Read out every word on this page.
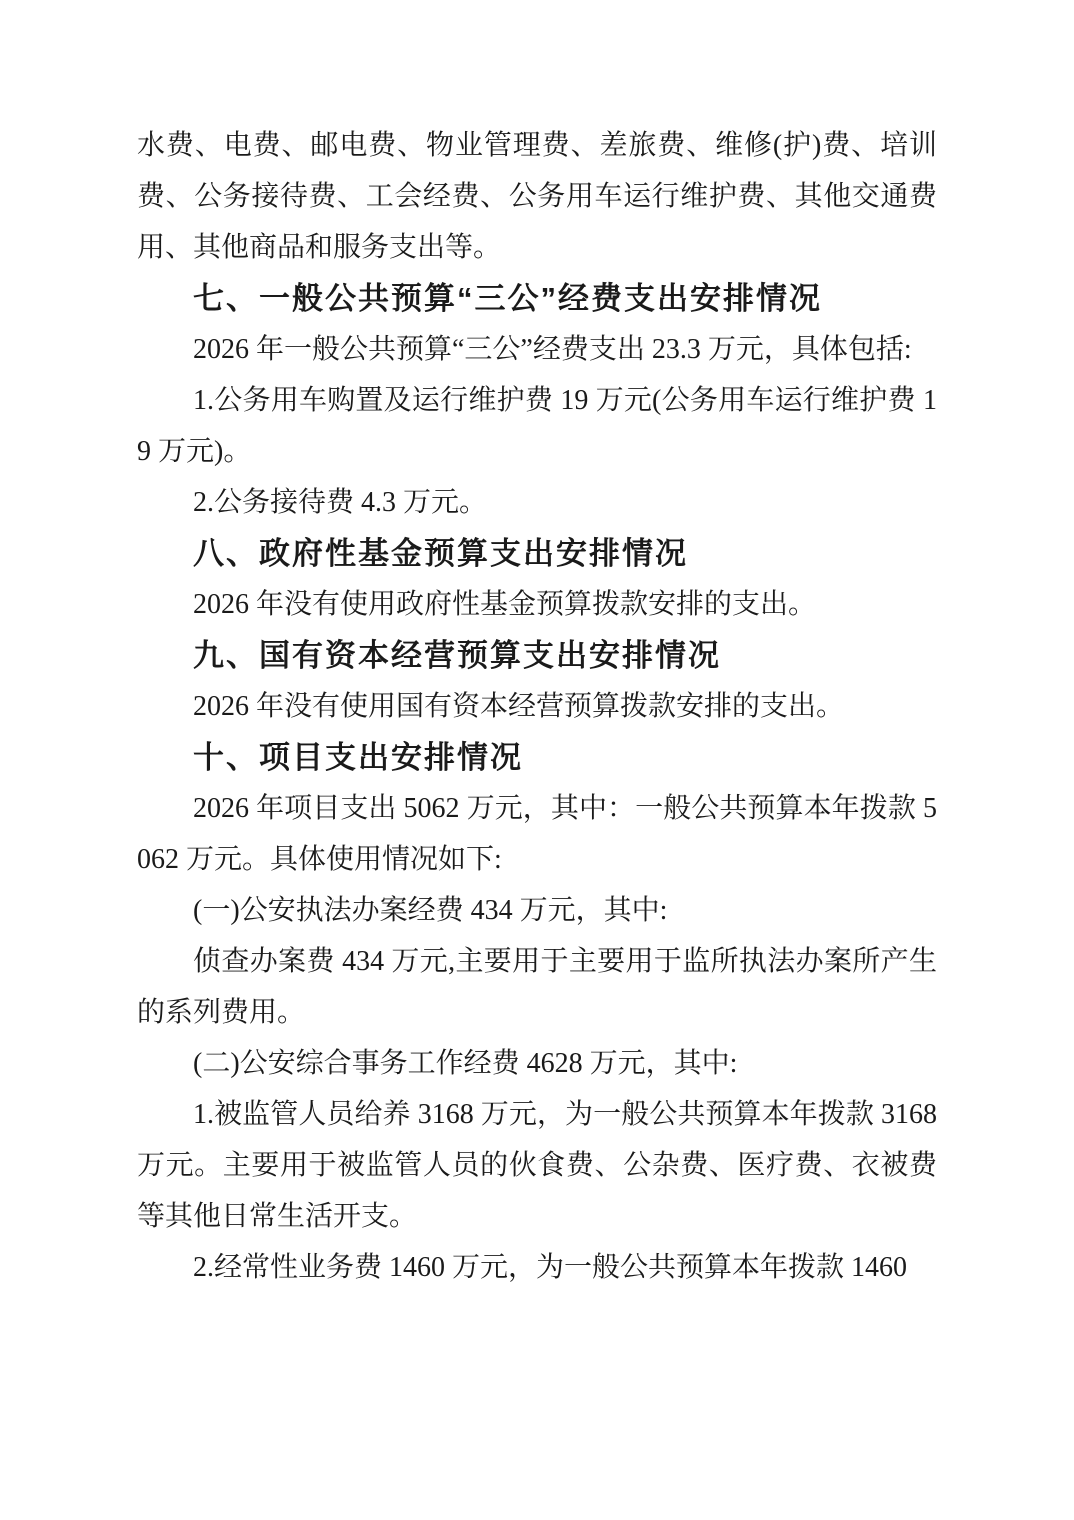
水费、电费、邮电费、物业管理费、差旅费、维修(护)费、培训费、公务接待费、工会经费、公务用车运行维护费、其他交通费用、其他商品和服务支出等。

七、一般公共预算“三公”经费支出安排情况

2026 年一般公共预算“三公”经费支出 23.3 万元，具体包括:

1.公务用车购置及运行维护费 19 万元(公务用车运行维护费 19 万元)。

2.公务接待费 4.3 万元。

八、政府性基金预算支出安排情况

2026 年没有使用政府性基金预算拨款安排的支出。

九、国有资本经营预算支出安排情况

2026 年没有使用国有资本经营预算拨款安排的支出。

十、项目支出安排情况

2026 年项目支出 5062 万元，其中：一般公共预算本年拨款 5062 万元。具体使用情况如下:

(一)公安执法办案经费 434 万元，其中:

侦查办案费 434 万元,主要用于主要用于监所执法办案所产生的系列费用。

(二)公安综合事务工作经费 4628 万元，其中:

1.被监管人员给养 3168 万元，为一般公共预算本年拨款 3168 万元。主要用于被监管人员的伙食费、公杂费、医疗费、衣被费等其他日常生活开支。

2.经常性业务费 1460 万元，为一般公共预算本年拨款 1460
